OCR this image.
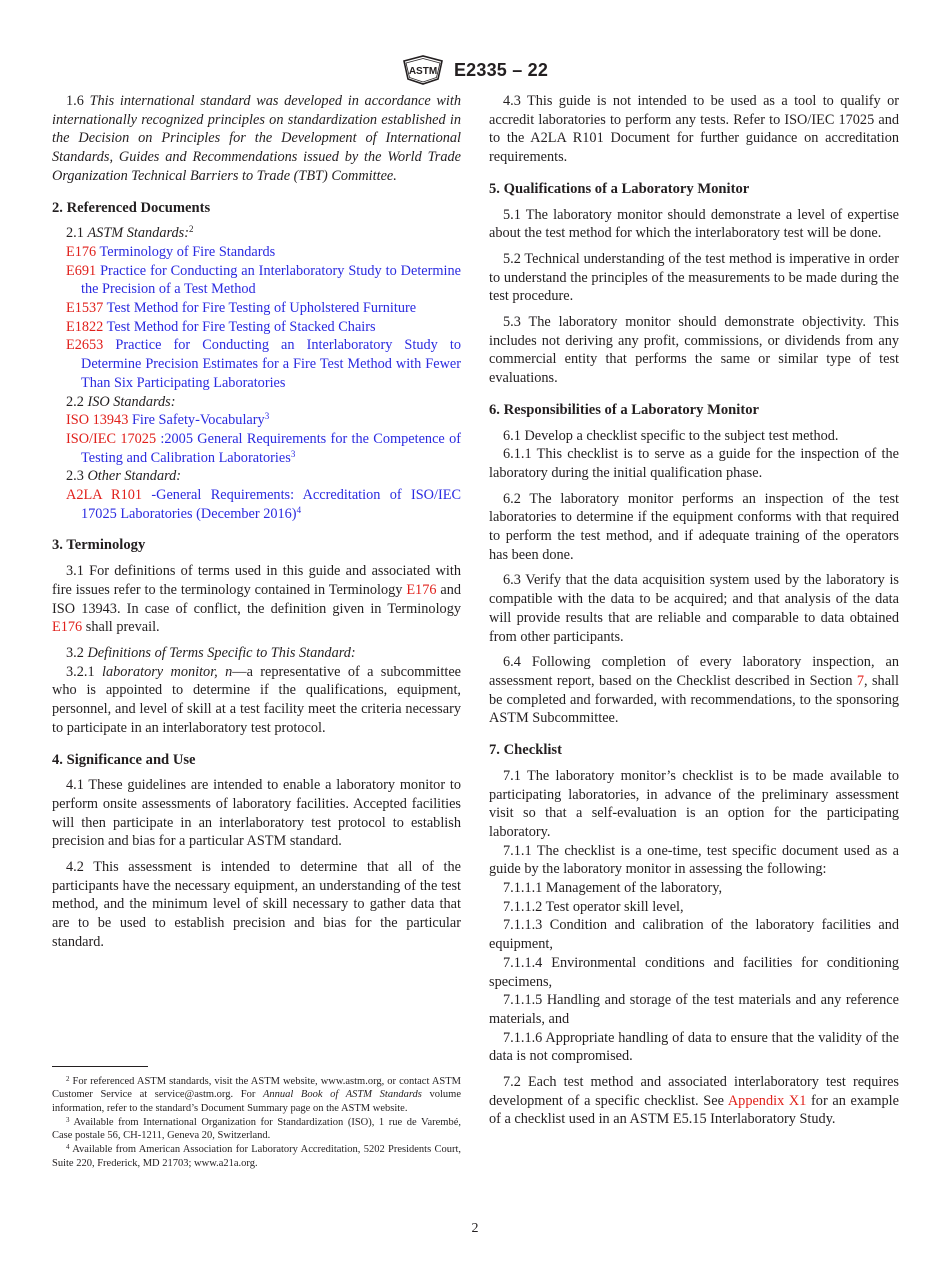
ASTM E2335 – 22

1.6 This international standard was developed in accordance with internationally recognized principles on standardization established in the Decision on Principles for the Development of International Standards, Guides and Recommendations issued by the World Trade Organization Technical Barriers to Trade (TBT) Committee.

2. Referenced Documents

2.1 ASTM Standards:$^2$

E176 Terminology of Fire Standards
E691 Practice for Conducting an Interlaboratory Study to Determine the Precision of a Test Method
E1537 Test Method for Fire Testing of Upholstered Furniture
E1822 Test Method for Fire Testing of Stacked Chairs
E2653 Practice for Conducting an Interlaboratory Study to Determine Precision Estimates for a Fire Test Method with Fewer Than Six Participating Laboratories

2.2 ISO Standards:

ISO 13943 Fire Safety-Vocabulary$^3$
ISO/IEC 17025 :2005 General Requirements for the Competence of Testing and Calibration Laboratories$^3$

2.3 Other Standard:

A2LA R101 -General Requirements: Accreditation of ISO/IEC 17025 Laboratories (December 2016)$^4$
3. Terminology

3.1 For definitions of terms used in this guide and associated with fire issues refer to the terminology contained in Terminology E176 and ISO 13943. In case of conflict, the definition given in Terminology E176 shall prevail.

3.2 Definitions of Terms Specific to This Standard:

3.2.1 laboratory monitor, n—a representative of a subcommittee who is appointed to determine if the qualifications, equipment, personnel, and level of skill at a test facility meet the criteria necessary to participate in an interlaboratory test protocol.

4. Significance and Use

4.1 These guidelines are intended to enable a laboratory monitor to perform onsite assessments of laboratory facilities. Accepted facilities will then participate in an interlaboratory test protocol to establish precision and bias for a particular ASTM standard.

4.2 This assessment is intended to determine that all of the participants have the necessary equipment, an understanding of the test method, and the minimum level of skill necessary to gather data that are to be used to establish precision and bias for the particular standard.

$^2$ For referenced ASTM standards, visit the ASTM website, www.astm.org, or contact ASTM Customer Service at service@astm.org. For Annual Book of ASTM Standards volume information, refer to the standard’s Document Summary page on the ASTM website.

$^3$ Available from International Organization for Standardization (ISO), 1 rue de Varembé, Case postale 56, CH-1211, Geneva 20, Switzerland.

$^4$ Available from American Association for Laboratory Accreditation, 5202 Presidents Court, Suite 220, Frederick, MD 21703; www.a21a.org.

4.3 This guide is not intended to be used as a tool to qualify or accredit laboratories to perform any tests. Refer to ISO/IEC 17025 and to the A2LA R101 Document for further guidance on accreditation requirements.

5. Qualifications of a Laboratory Monitor

5.1 The laboratory monitor should demonstrate a level of expertise about the test method for which the interlaboratory test will be done.

5.2 Technical understanding of the test method is imperative in order to understand the principles of the measurements to be made during the test procedure.

5.3 The laboratory monitor should demonstrate objectivity. This includes not deriving any profit, commissions, or dividends from any commercial entity that performs the same or similar type of test evaluations.

6. Responsibilities of a Laboratory Monitor

6.1 Develop a checklist specific to the subject test method.

6.1.1 This checklist is to serve as a guide for the inspection of the laboratory during the initial qualification phase.

6.2 The laboratory monitor performs an inspection of the test laboratories to determine if the equipment conforms with that required to perform the test method, and if adequate training of the operators has been done.

6.3 Verify that the data acquisition system used by the laboratory is compatible with the data to be acquired; and that analysis of the data will provide results that are reliable and comparable to data obtained from other participants.

6.4 Following completion of every laboratory inspection, an assessment report, based on the Checklist described in Section 7, shall be completed and forwarded, with recommendations, to the sponsoring ASTM Subcommittee.

7. Checklist

7.1 The laboratory monitor’s checklist is to be made available to participating laboratories, in advance of the preliminary assessment visit so that a self-evaluation is an option for the participating laboratory.

7.1.1 The checklist is a one-time, test specific document used as a guide by the laboratory monitor in assessing the following:

7.1.1.1 Management of the laboratory,

7.1.1.2 Test operator skill level,

7.1.1.3 Condition and calibration of the laboratory facilities and equipment,

7.1.1.4 Environmental conditions and facilities for conditioning specimens,

7.1.1.5 Handling and storage of the test materials and any reference materials, and

7.1.1.6 Appropriate handling of data to ensure that the validity of the data is not compromised.

7.2 Each test method and associated interlaboratory test requires development of a specific checklist. See Appendix X1 for an example of a checklist used in an ASTM E5.15 Interlaboratory Study.

2
